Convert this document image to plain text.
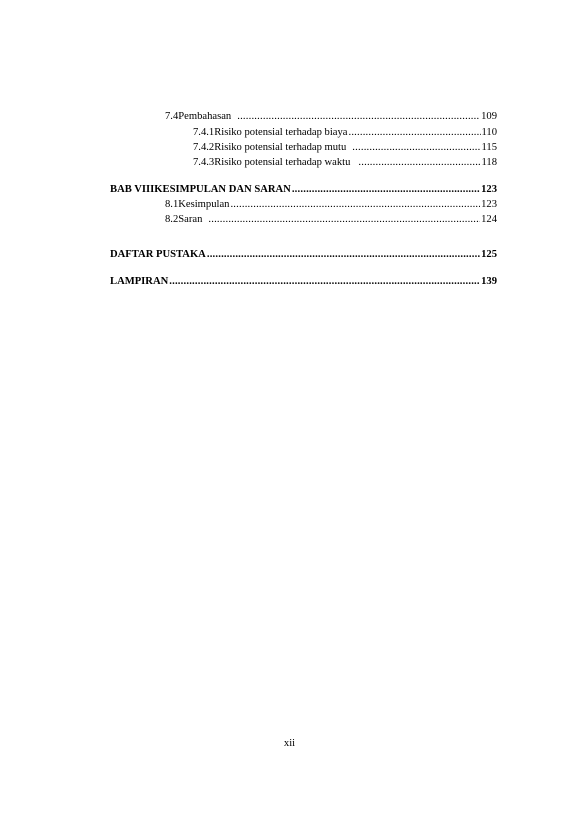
7.4 Pembahasan .....	109
7.4.1 Risiko potensial terhadap biaya .....	110
7.4.2 Risiko potensial terhadap mutu .....	115
7.4.3 Risiko potensial terhadap waktu .....	118
BAB VIII KESIMPULAN DAN SARAN .....	123
8.1 Kesimpulan .....	123
8.2 Saran .....	124
DAFTAR PUSTAKA .....	125
LAMPIRAN .....	139
xii
